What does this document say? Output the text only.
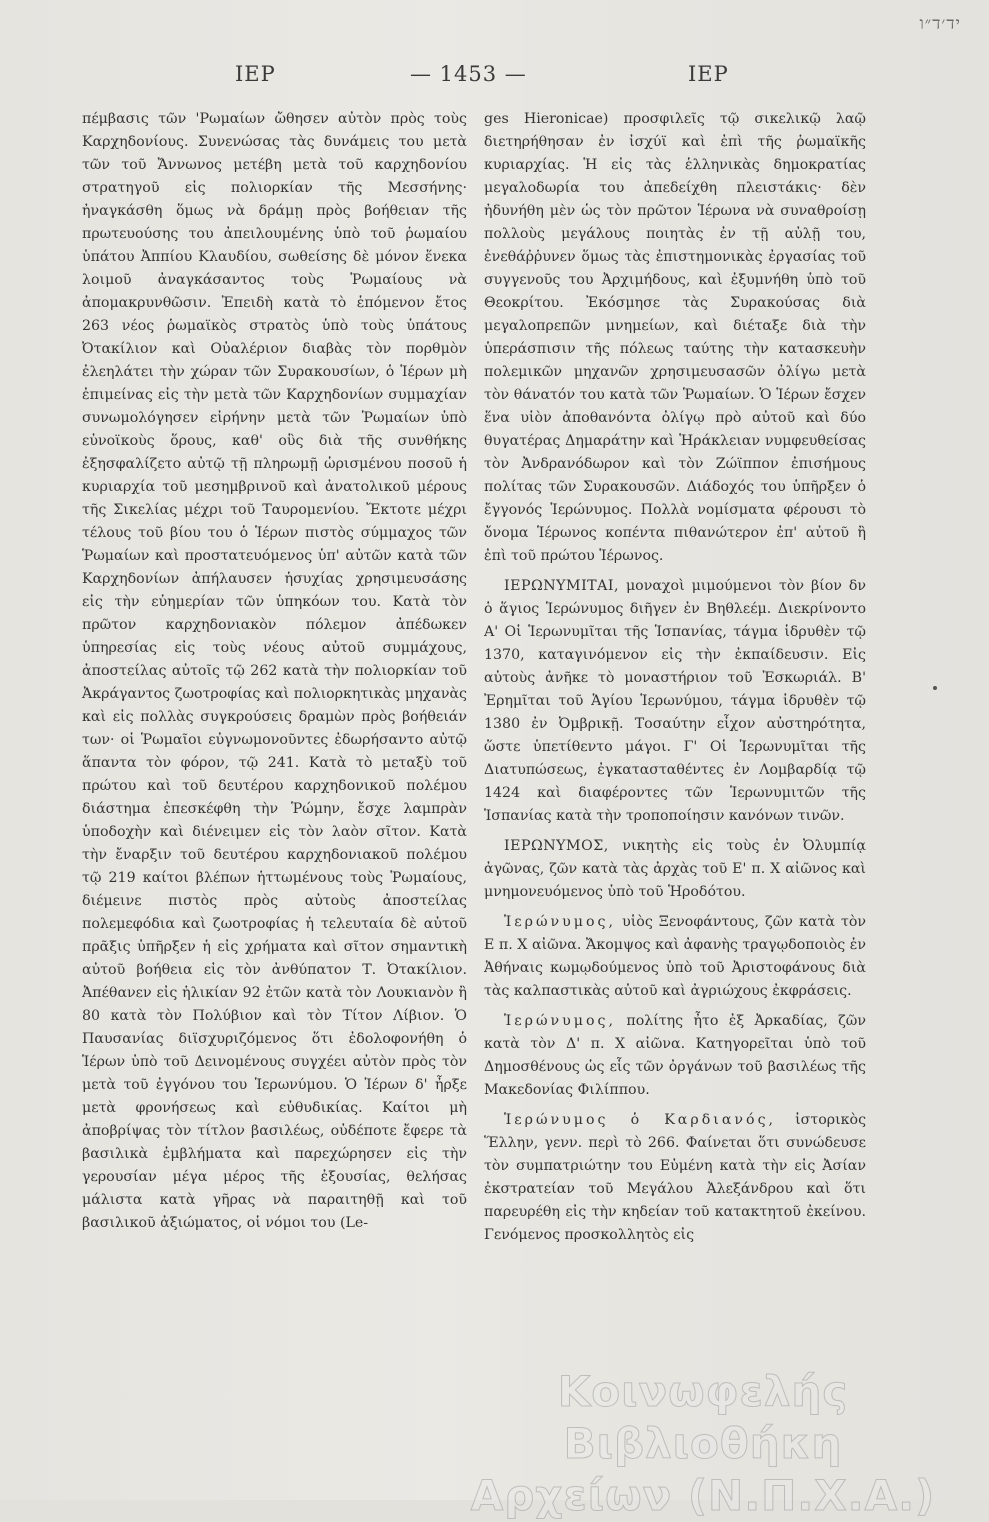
יד׳ד״ו
ΙΕΡ	— 1453 —	ΙΕΡ

πέμβασις τῶν 'Ρωμαίων ὤθησεν αὐτὸν πρὸς τοὺς Καρχηδονίους. Συνενώσας τὰς δυνάμεις του μετὰ τῶν τοῦ Ἄννωνος μετέβη μετὰ τοῦ καρχηδονίου στρατηγοῦ εἰς πολιορκίαν τῆς Μεσσήνης· ἠναγκάσθη ὅμως νὰ δράμῃ πρὸς βοήθειαν τῆς πρωτευούσης του ἀπειλουμένης ὑπὸ τοῦ ῥωμαίου ὑπάτου Ἀππίου Κλαυδίου, σωθείσης δὲ μόνον ἕνεκα λοιμοῦ ἀναγκάσαντος τοὺς Ῥωμαίους νὰ ἀπομακρυνθῶσιν. Ἐπειδὴ κατὰ τὸ ἑπόμενον ἔτος 263 νέος ῥωμαϊκὸς στρατὸς ὑπὸ τοὺς ὑπάτους Ὀτακίλιον καὶ Οὐαλέριον διαβὰς τὸν πορθμὸν ἐλεηλάτει τὴν χώραν τῶν Συρακουσίων, ὁ Ἱέρων μὴ ἐπιμείνας εἰς τὴν μετὰ τῶν Καρχηδονίων συμμαχίαν συνωμολόγησεν εἰρήνην μετὰ τῶν Ῥωμαίων ὑπὸ εὐνοϊκοὺς ὅρους, καθ' οὓς διὰ τῆς συνθήκης ἐξησφαλίζετο αὐτῷ τῇ πληρωμῇ ὡρισμένου ποσοῦ ἡ κυριαρχία τοῦ μεσημβρινοῦ καὶ ἀνατολικοῦ μέρους τῆς Σικελίας μέχρι τοῦ Ταυρομενίου. Ἔκτοτε μέχρι τέλους τοῦ βίου του ὁ Ἱέρων πιστὸς σύμμαχος τῶν Ῥωμαίων καὶ προστατευόμενος ὑπ' αὐτῶν κατὰ τῶν Καρχηδονίων ἀπήλαυσεν ἡσυχίας χρησιμευσάσης εἰς τὴν εὐημερίαν τῶν ὑπηκόων του. Κατὰ τὸν πρῶτον καρχηδονιακὸν πόλεμον ἀπέδωκεν ὑπηρεσίας εἰς τοὺς νέους αὐτοῦ συμμάχους, ἀποστείλας αὐτοῖς τῷ 262 κατὰ τὴν πολιορκίαν τοῦ Ἀκράγαντος ζωοτροφίας καὶ πολιορκητικὰς μηχανὰς καὶ εἰς πολλὰς συγκρούσεις δραμὼν πρὸς βοήθειάν των· οἱ Ῥωμαῖοι εὐγνωμονοῦντες ἐδωρήσαντο αὐτῷ ἅπαντα τὸν φόρον, τῷ 241. Κατὰ τὸ μεταξὺ τοῦ πρώτου καὶ τοῦ δευτέρου καρχηδονικοῦ πολέμου διάστημα ἐπεσκέφθη τὴν Ῥώμην, ἔσχε λαμπρὰν ὑποδοχὴν καὶ διένειμεν εἰς τὸν λαὸν σῖτον. Κατὰ τὴν ἔναρξιν τοῦ δευτέρου καρχηδονιακοῦ πολέμου τῷ 219 καίτοι βλέπων ἡττωμένους τοὺς Ῥωμαίους, διέμεινε πιστὸς πρὸς αὐτοὺς ἀποστείλας πολεμεφόδια καὶ ζωοτροφίας ἡ τελευταία δὲ αὐτοῦ πρᾶξις ὑπῆρξεν ἡ εἰς χρήματα καὶ σῖτον σημαντικὴ αὐτοῦ βοήθεια εἰς τὸν ἀνθύπατον Τ. Ὀτακίλιον. Ἀπέθανεν εἰς ἡλικίαν 92 ἐτῶν κατὰ τὸν Λουκιανὸν ἢ 80 κατὰ τὸν Πολύβιον καὶ τὸν Τίτον Λίβιον. Ὁ Παυσανίας διϊσχυριζόμενος ὅτι ἐδολοφονήθη ὁ Ἱέρων ὑπὸ τοῦ Δεινομένους συγχέει αὐτὸν πρὸς τὸν μετὰ τοῦ ἐγγόνου του Ἱερωνύμου. Ὁ Ἱέρων δ' ἦρξε μετὰ φρονήσεως καὶ εὐθυδικίας. Καίτοι μὴ ἀποβρίψας τὸν τίτλον βασιλέως, οὐδέποτε ἔφερε τὰ βασιλικὰ ἐμβλήματα καὶ παρεχώρησεν εἰς τὴν γερουσίαν μέγα μέρος τῆς ἐξουσίας, θελήσας μάλιστα κατὰ γῆρας νὰ παραιτηθῇ καὶ τοῦ βασιλικοῦ ἀξιώματος, οἱ νόμοι του (Le-

ges Hieronicae) προσφιλεῖς τῷ σικελικῷ λαῷ διετηρήθησαν ἐν ἰσχύϊ καὶ ἐπὶ τῆς ῥωμαϊκῆς κυριαρχίας. Ἡ εἰς τὰς ἑλληνικὰς δημοκρατίας μεγαλοδωρία του ἀπεδείχθη πλειστάκις· δὲν ἠδυνήθη μὲν ὡς τὸν πρῶτον Ἱέρωνα νὰ συναθροίσῃ πολλοὺς μεγάλους ποιητὰς ἐν τῇ αὐλῇ του, ἐνεθάῤῥυνεν ὅμως τὰς ἐπιστημονικὰς ἐργασίας τοῦ συγγενοῦς του Ἀρχιμήδους, καὶ ἐξυμνήθη ὑπὸ τοῦ Θεοκρίτου. Ἐκόσμησε τὰς Συρακούσας διὰ μεγαλοπρεπῶν μνημείων, καὶ διέταξε διὰ τὴν ὑπεράσπισιν τῆς πόλεως ταύτης τὴν κατασκευὴν πολεμικῶν μηχανῶν χρησιμευσασῶν ὀλίγω μετὰ τὸν θάνατόν του κατὰ τῶν Ῥωμαίων. Ὁ Ἱέρων ἔσχεν ἕνα υἱὸν ἀποθανόντα ὀλίγῳ πρὸ αὐτοῦ καὶ δύο θυγατέρας Δημαράτην καὶ Ἡράκλειαν νυμφευθείσας τὸν Ἀνδρανόδωρον καὶ τὸν Ζώϊππον ἐπισήμους πολίτας τῶν Συρακουσῶν. Διάδοχός του ὑπῆρξεν ὁ ἔγγονός Ἱερώνυμος. Πολλὰ νομίσματα φέρουσι τὸ ὄνομα Ἱέρωνος κοπέντα πιθανώτερον ἐπ' αὐτοῦ ἢ ἐπὶ τοῦ πρώτου Ἱέρωνος.

ΙΕΡΩΝΥΜΙΤΑΙ, μοναχοὶ μιμούμενοι τὸν βίον δν ὁ ἅγιος Ἱερώνυμος διῆγεν ἐν Βηθλεέμ. Διεκρίνοντο Α' Οἱ Ἱερωνυμῖται τῆς Ἱσπανίας, τάγμα ἱδρυθὲν τῷ 1370, καταγινόμενον εἰς τὴν ἐκπαίδευσιν. Εἰς αὐτοὺς ἀνῆκε τὸ μοναστήριον τοῦ Ἐσκωριάλ. Β' Ἐρημῖται τοῦ Ἁγίου Ἱερωνύμου, τάγμα ἱδρυθὲν τῷ 1380 ἐν Ὀμβρικῇ. Τοσαύτην εἶχον αὐστηρότητα, ὥστε ὑπετίθεντο μάγοι. Γ' Οἱ Ἱερωνυμῖται τῆς Διατυπώσεως, ἐγκατασταθέντες ἐν Λομβαρδίᾳ τῷ 1424 καὶ διαφέροντες τῶν Ἱερωνυμιτῶν τῆς Ἱσπανίας κατὰ τὴν τροποποίησιν κανόνων τινῶν.

ΙΕΡΩΝΥΜΟΣ, νικητὴς εἰς τοὺς ἐν Ὀλυμπίᾳ ἀγῶνας, ζῶν κατὰ τὰς ἀρχὰς τοῦ Ε' π. Χ αἰῶνος καὶ μνημονευόμενος ὑπὸ τοῦ Ἡροδότου.

Ἱερώνυμος, υἱὸς Ξενοφάντους, ζῶν κατὰ τὸν Ε π. Χ αἰῶνα. Ἄκομψος καὶ ἀφανὴς τραγῳδοποιὸς ἐν Ἀθήναις κωμῳδούμενος ὑπὸ τοῦ Ἀριστοφάνους διὰ τὰς καλπαστικὰς αὐτοῦ καὶ ἀγριώχους ἐκφράσεις.

Ἱερώνυμος, πολίτης ἦτο ἐξ Ἀρκαδίας, ζῶν κατὰ τὸν Δ' π. Χ αἰῶνα. Κατηγορεῖται ὑπὸ τοῦ Δημοσθένους ὡς εἷς τῶν ὀργάνων τοῦ βασιλέως τῆς Μακεδονίας Φιλίππου.

Ἱερώνυμος ὁ Καρδιανός, ἱστορικὸς Ἕλλην, γενν. περὶ τὸ 266. Φαίνεται ὅτι συνώδευσε τὸν συμπατριώτην του Εὐμένη κατὰ τὴν εἰς Ἀσίαν ἐκστρατείαν τοῦ Μεγάλου Ἀλεξάνδρου καὶ ὅτι παρευρέθη εἰς τὴν κηδείαν τοῦ κατακτητοῦ ἐκείνου. Γενόμενος προσκολλητὸς εἰς

Κοινωφελής Βιβλιοθήκη Αρχείων (Ν.Π.Χ.Α.)
